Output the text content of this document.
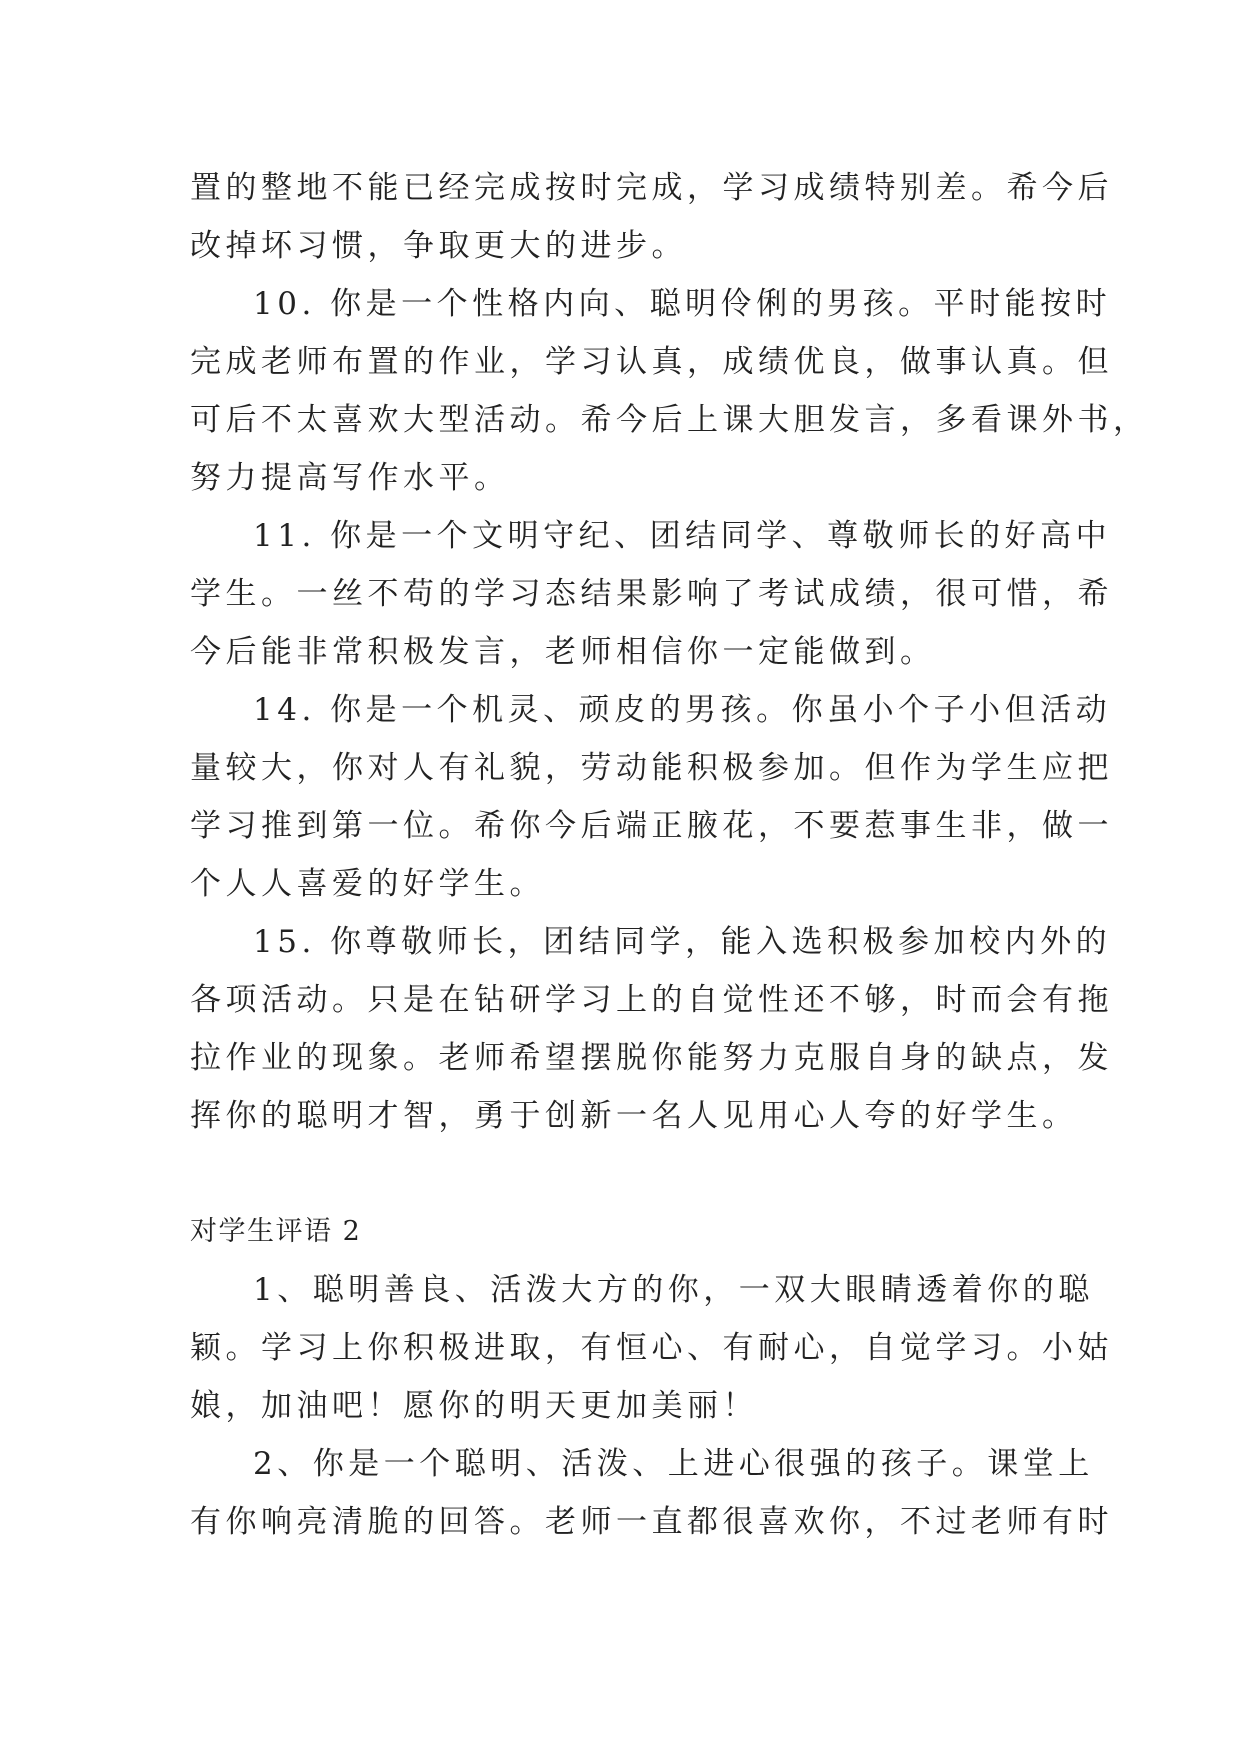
置的整地不能已经完成按时完成，学习成绩特别差。希今后

改掉坏习惯，争取更大的进步。

10. 你是一个性格内向、聪明伶俐的男孩。平时能按时

完成老师布置的作业，学习认真，成绩优良，做事认真。但

可后不太喜欢大型活动。希今后上课大胆发言，多看课外书，

努力提高写作水平。

11. 你是一个文明守纪、团结同学、尊敬师长的好高中

学生。一丝不苟的学习态结果影响了考试成绩，很可惜，希

今后能非常积极发言，老师相信你一定能做到。

14. 你是一个机灵、顽皮的男孩。你虽小个子小但活动

量较大，你对人有礼貌，劳动能积极参加。但作为学生应把

学习推到第一位。希你今后端正腋花，不要惹事生非，做一

个人人喜爱的好学生。

15. 你尊敬师长，团结同学，能入选积极参加校内外的

各项活动。只是在钻研学习上的自觉性还不够，时而会有拖

拉作业的现象。老师希望摆脱你能努力克服自身的缺点，发

挥你的聪明才智，勇于创新一名人见用心人夸的好学生。

对学生评语 2

1、聪明善良、活泼大方的你，一双大眼睛透着你的聪

颖。学习上你积极进取，有恒心、有耐心，自觉学习。小姑

娘，加油吧！愿你的明天更加美丽！

2、你是一个聪明、活泼、上进心很强的孩子。课堂上

有你响亮清脆的回答。老师一直都很喜欢你，不过老师有时
